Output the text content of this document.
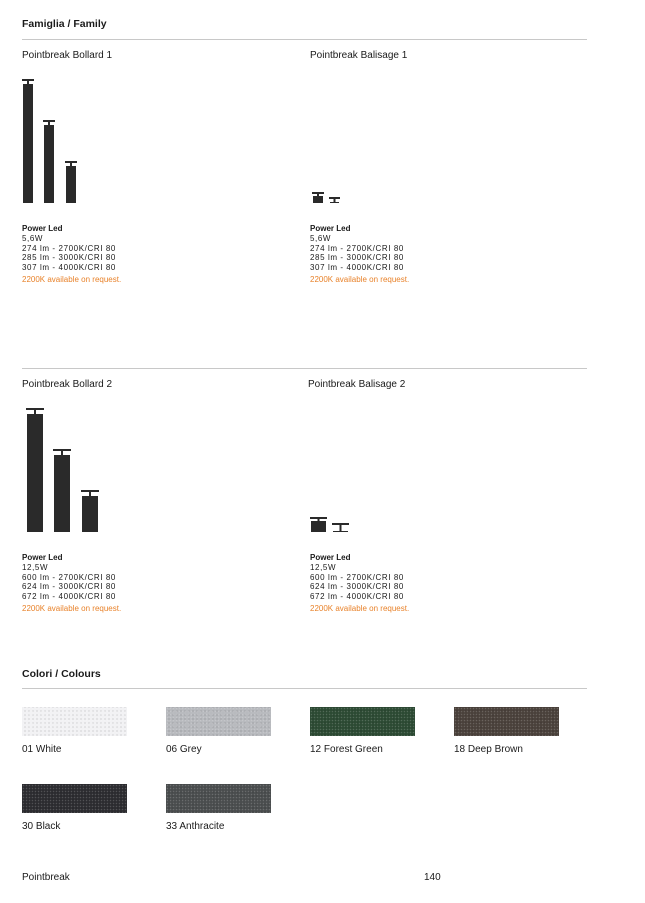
Famiglia / Family
Pointbreak Bollard 1
Power Led
5,6W
274 lm - 2700K/CRI 80
285 lm - 3000K/CRI 80
307 lm - 4000K/CRI 80
2200K available on request.
Pointbreak Balisage 1
Power Led
5,6W
274 lm - 2700K/CRI 80
285 lm - 3000K/CRI 80
307 lm - 4000K/CRI 80
2200K available on request.
Pointbreak Bollard 2
Power Led
12,5W
600 lm - 2700K/CRI 80
624 lm - 3000K/CRI 80
672 lm - 4000K/CRI 80
2200K available on request.
Pointbreak Balisage 2
Power Led
12,5W
600 lm - 2700K/CRI 80
624 lm - 3000K/CRI 80
672 lm - 4000K/CRI 80
2200K available on request.
Colori / Colours
01 White	06 Grey	12 Forest Green	18 Deep Brown
30 Black	33 Anthracite
Pointbreak	140
